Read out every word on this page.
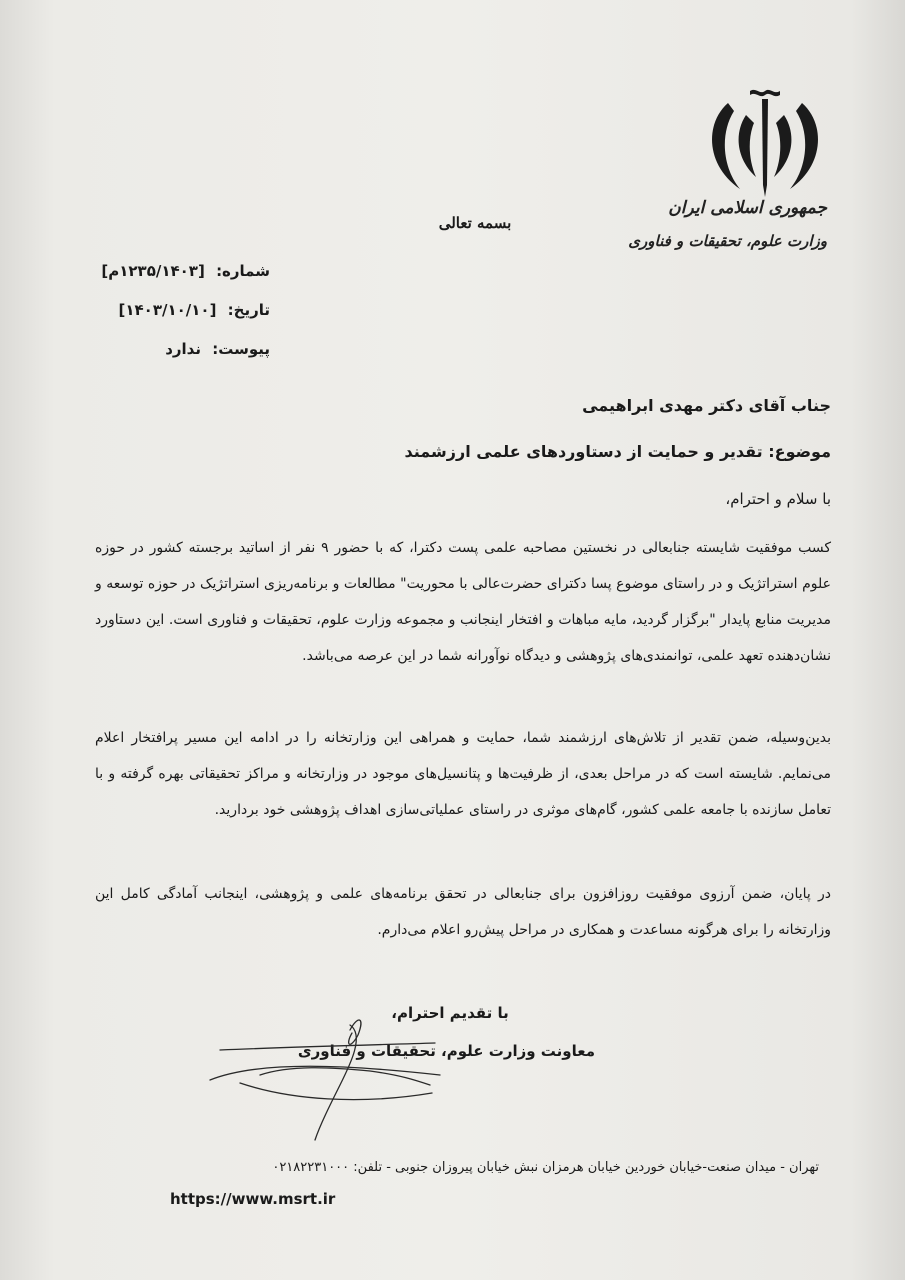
جمهوری اسلامی ایران
وزارت علوم، تحقیقات و فناوری
بسمه تعالی
شماره: [۱۲۳۵/۱۴۰۳م]
تاریخ: [۱۴۰۳/۱۰/۱۰]
پیوست: ندارد
جناب آقای دکتر مهدی ابراهیمی
موضوع: تقدیر و حمایت از دستاوردهای علمی ارزشمند
با سلام و احترام،

کسب موفقیت شایسته جنابعالی در نخستین مصاحبه علمی پست دکترا، که با حضور ۹ نفر از اساتید برجسته کشور در حوزه علوم استراتژیک و در راستای موضوع پسا دکترای حضرت‌عالی با محوریت" مطالعات و برنامه‌ریزی استراتژیک در حوزه توسعه و مدیریت منابع پایدار "برگزار گردید، مایه مباهات و افتخار اینجانب و مجموعه وزارت علوم، تحقیقات و فناوری است. این دستاورد نشان‌دهنده تعهد علمی، توانمندی‌های پژوهشی و دیدگاه نوآورانه شما در این عرصه می‌باشد.

بدین‌وسیله، ضمن تقدیر از تلاش‌های ارزشمند شما، حمایت و همراهی این وزارتخانه را در ادامه این مسیر پرافتخار اعلام می‌نمایم. شایسته است که در مراحل بعدی، از ظرفیت‌ها و پتانسیل‌های موجود در وزارتخانه و مراکز تحقیقاتی بهره گرفته و با تعامل سازنده با جامعه علمی کشور، گام‌های موثری در راستای عملیاتی‌سازی اهداف پژوهشی خود بردارید.

در پایان، ضمن آرزوی موفقیت روزافزون برای جنابعالی در تحقق برنامه‌های علمی و پژوهشی، اینجانب آمادگی کامل این وزارتخانه را برای هرگونه مساعدت و همکاری در مراحل پیش‌رو اعلام می‌دارم.

با تقدیم احترام،
معاونت وزارت علوم، تحقیقات و فناوری
تهران - میدان صنعت-خیابان خوردین خیابان هرمزان نبش خیابان پیروزان جنوبی - تلفن: ۰۲۱۸۲۲۳۱۰۰۰
https://www.msrt.ir
